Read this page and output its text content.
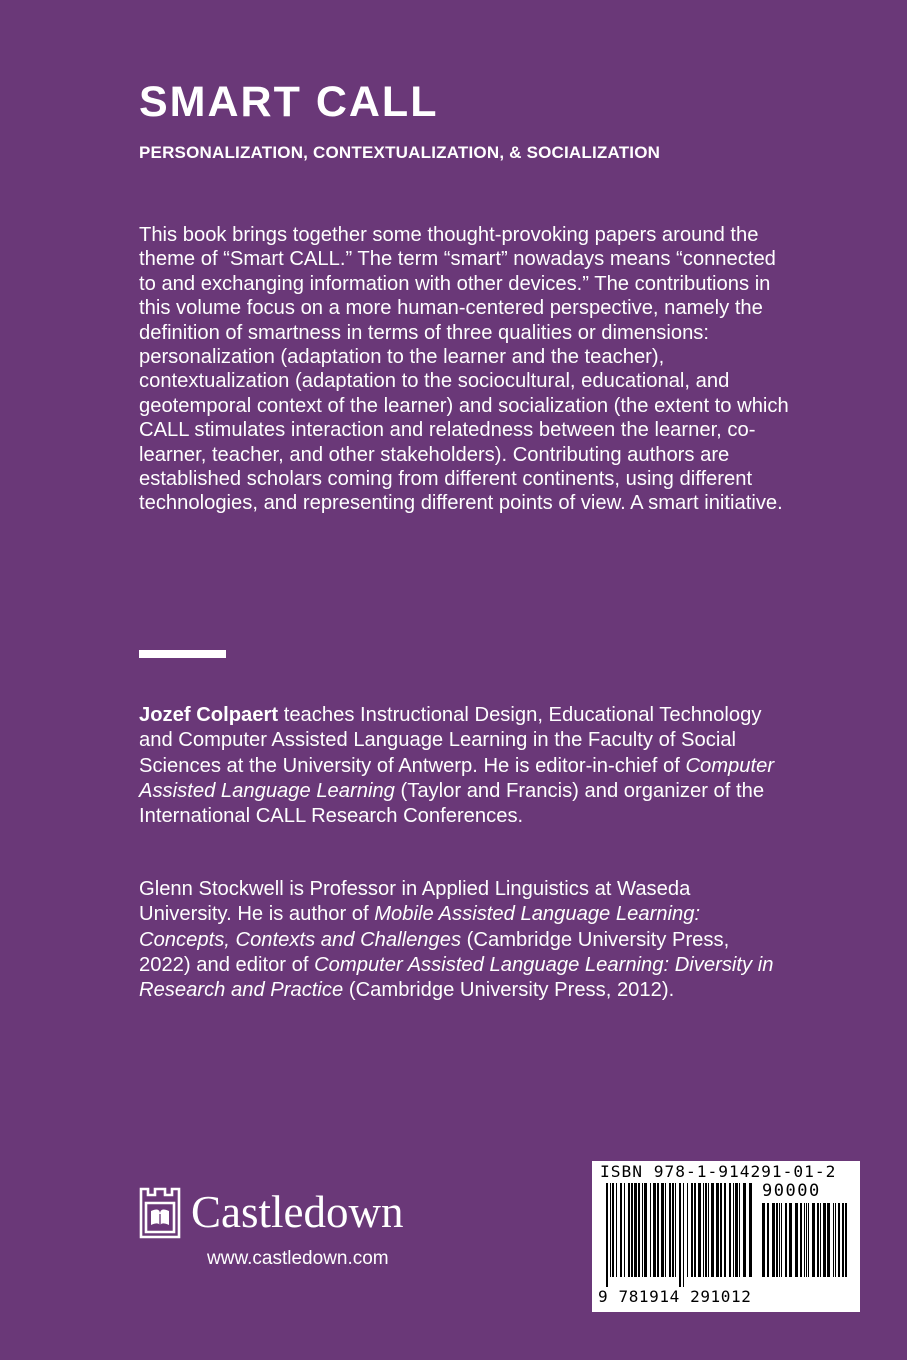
SMART CALL
PERSONALIZATION, CONTEXTUALIZATION, & SOCIALIZATION

This book brings together some thought-provoking papers around the theme of “Smart CALL.” The term “smart” nowadays means “connected to and exchanging information with other devices.” The contributions in this volume focus on a more human-centered perspective, namely the definition of smartness in terms of three qualities or dimensions: personalization (adaptation to the learner and the teacher), contextualization (adaptation to the sociocultural, educational, and geotemporal context of the learner) and socialization (the extent to which CALL stimulates interaction and relatedness between the learner, co-learner, teacher, and other stakeholders). Contributing authors are established scholars coming from different continents, using different technologies, and representing different points of view. A smart initiative.

Jozef Colpaert teaches Instructional Design, Educational Technology and Computer Assisted Language Learning in the Faculty of Social Sciences at the University of Antwerp. He is editor-in-chief of Computer Assisted Language Learning (Taylor and Francis) and organizer of the International CALL Research Conferences.

Glenn Stockwell is Professor in Applied Linguistics at Waseda University. He is author of Mobile Assisted Language Learning: Concepts, Contexts and Challenges (Cambridge University Press, 2022) and editor of Computer Assisted Language Learning: Diversity in Research and Practice (Cambridge University Press, 2012).

Castledown
www.castledown.com
ISBN 978-1-914291-01-2
90000
9 781914 291012
